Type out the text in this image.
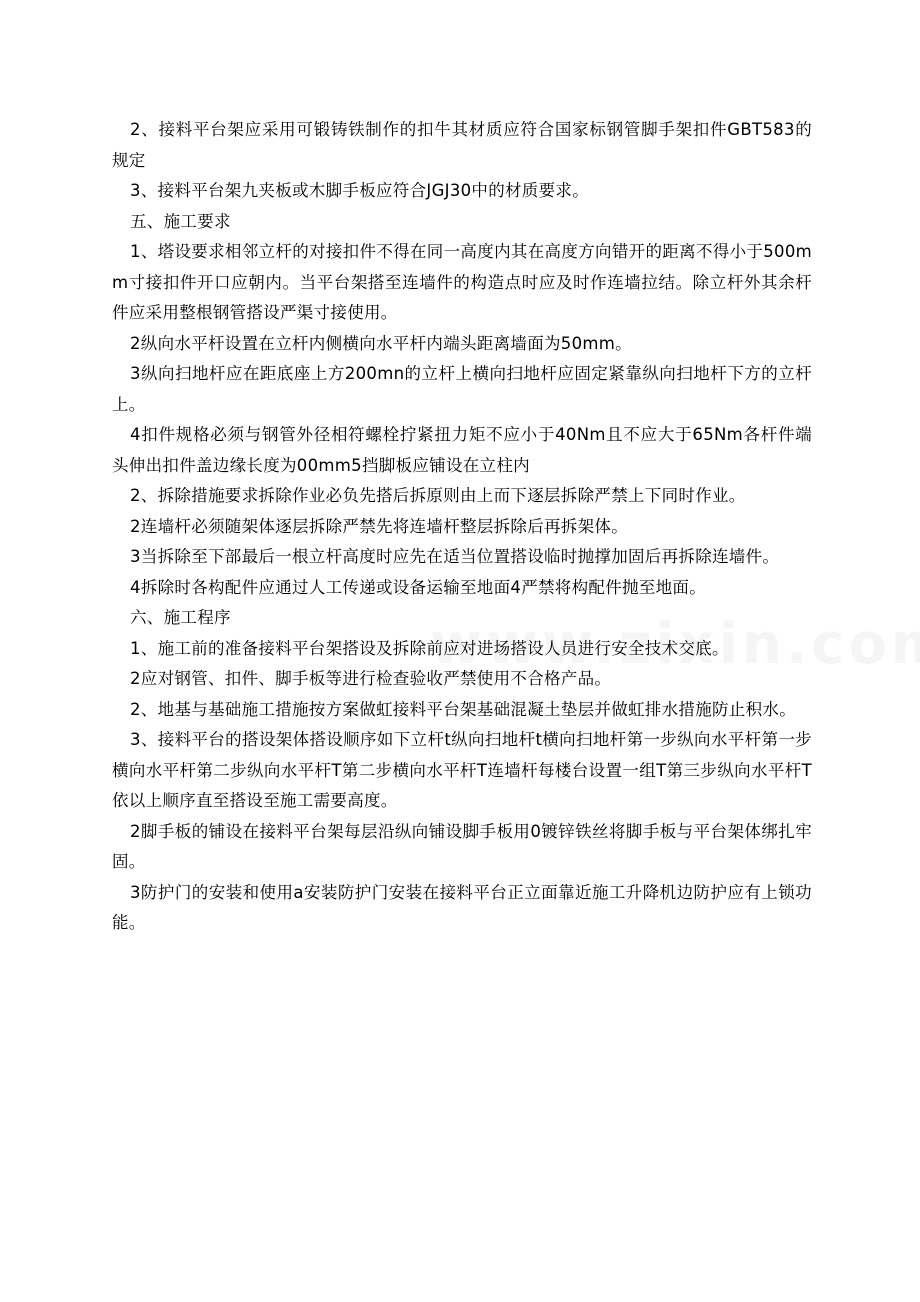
2、接料平台架应采用可锻铸铁制作的扣牛其材质应符合国家标钢管脚手架扣件GBT583的规定

3、接料平台架九夹板或木脚手板应符合JGJ30中的材质要求。

五、施工要求

1、塔设要求相邻立杆的对接扣件不得在同一高度内其在高度方向错开的距离不得小于500mm寸接扣件开口应朝内。当平台架搭至连墙件的构造点时应及时作连墙拉结。除立杆外其余杆件应采用整根钢管搭设严渠寸接使用。

2纵向水平杆设置在立杆内侧横向水平杆内端头距离墙面为50mm。

3纵向扫地杆应在距底座上方200mn的立杆上横向扫地杆应固定紧靠纵向扫地杆下方的立杆上。

4扣件规格必须与钢管外径相符螺栓拧紧扭力矩不应小于40Nm且不应大于65Nm各杆件端头伸出扣件盖边缘长度为00mm5挡脚板应铺设在立柱内

2、拆除措施要求拆除作业必负先搭后拆原则由上而下逐层拆除严禁上下同时作业。

2连墙杆必须随架体逐层拆除严禁先将连墙杆整层拆除后再拆架体。

3当拆除至下部最后一根立杆高度时应先在适当位置搭设临时抛撑加固后再拆除连墙件。

4拆除时各构配件应通过人工传递或设备运输至地面4严禁将构配件抛至地面。

六、施工程序

1、施工前的准备接料平台架搭设及拆除前应对进场搭设人员进行安全技术交底。

2应对钢管、扣件、脚手板等进行检查验收严禁使用不合格产品。

2、地基与基础施工措施按方案做虹接料平台架基础混凝土垫层并做虹排水措施防止积水。

3、接料平台的搭设架体搭设顺序如下立杆t纵向扫地杆t横向扫地杆第一步纵向水平杆第一步横向水平杆第二步纵向水平杆T第二步横向水平杆T连墙杆每楼台设置一组T第三步纵向水平杆T依以上顺序直至搭设至施工需要高度。

2脚手板的铺设在接料平台架每层沿纵向铺设脚手板用0镀锌铁丝将脚手板与平台架体绑扎牢固。

3防护门的安装和使用a安装防护门安装在接料平台正立面靠近施工升降机边防护应有上锁功能。
